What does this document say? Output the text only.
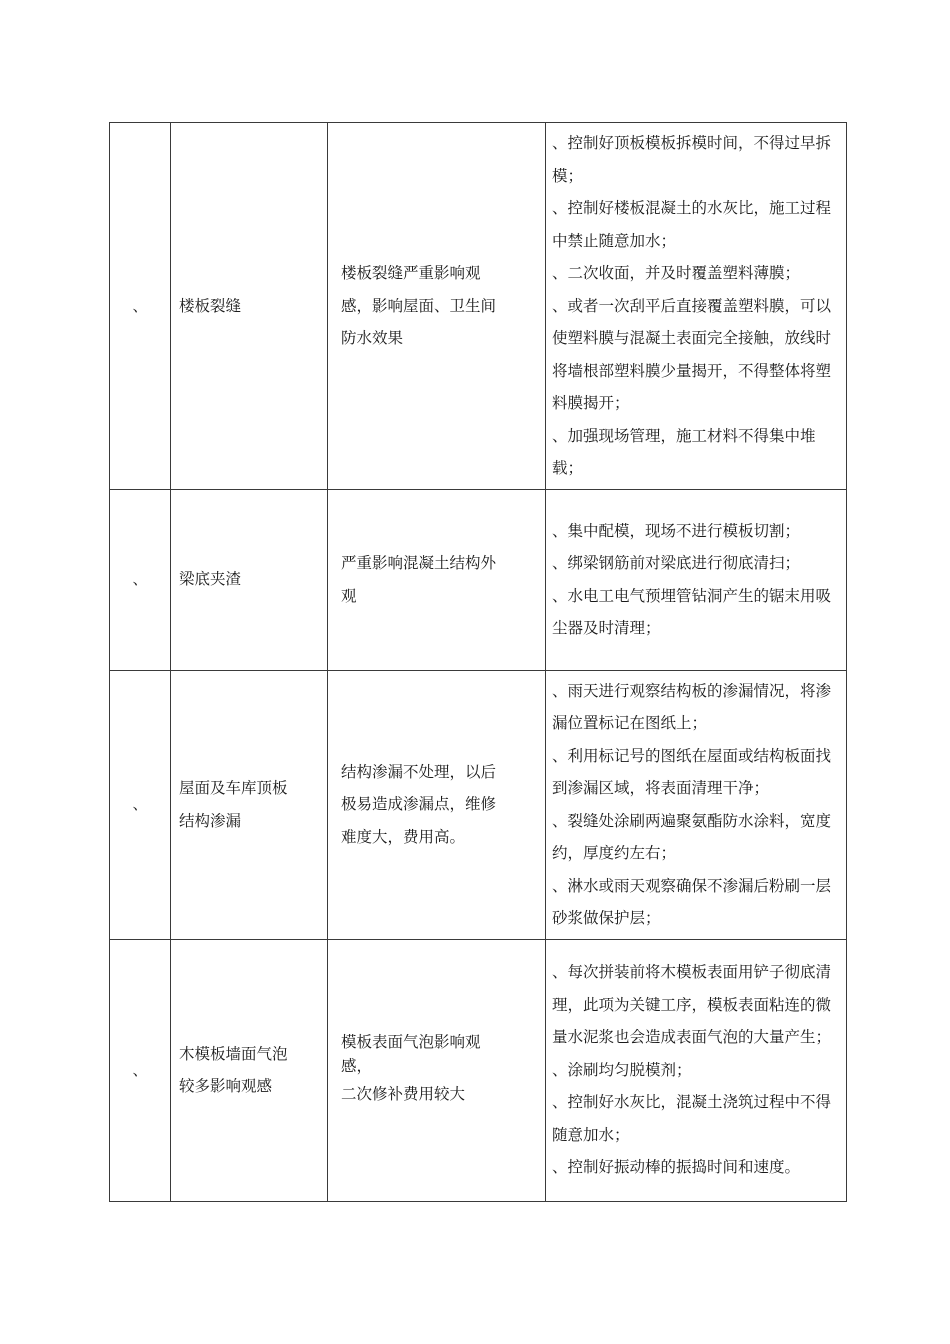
、	楼板裂缝	楼板裂缝严重影响观
感，影响屋面、卫生间
防水效果	、控制好顶板模板拆模时间，不得过早拆模；
、控制好楼板混凝土的水灰比，施工过程中禁止随意加水；
、二次收面，并及时覆盖塑料薄膜；
、或者一次刮平后直接覆盖塑料膜，可以使塑料膜与混凝土表面完全接触，放线时将墙根部塑料膜少量揭开，不得整体将塑料膜揭开；
、加强现场管理，施工材料不得集中堆载；

、	梁底夹渣	严重影响混凝土结构外
观	、集中配模，现场不进行模板切割；
、绑梁钢筋前对梁底进行彻底清扫；
、水电工电气预埋管钻洞产生的锯末用吸尘器及时清理；

、	屋面及车库顶板
结构渗漏	结构渗漏不处理，以后
极易造成渗漏点，维修
难度大，费用高。	、雨天进行观察结构板的渗漏情况，将渗漏位置标记在图纸上；
、利用标记号的图纸在屋面或结构板面找到渗漏区域，将表面清理干净；
、裂缝处涂刷两遍聚氨酯防水涂料，宽度约，厚度约左右；
、淋水或雨天观察确保不渗漏后粉刷一层砂浆做保护层；

、	木模板墙面气泡
较多影响观感	模板表面气泡影响观
感，
二次修补费用较大	、每次拼装前将木模板表面用铲子彻底清理，此项为关键工序，模板表面粘连的微量水泥浆也会造成表面气泡的大量产生；
、涂刷均匀脱模剂；
、控制好水灰比，混凝土浇筑过程中不得随意加水；
、控制好振动棒的振捣时间和速度。
